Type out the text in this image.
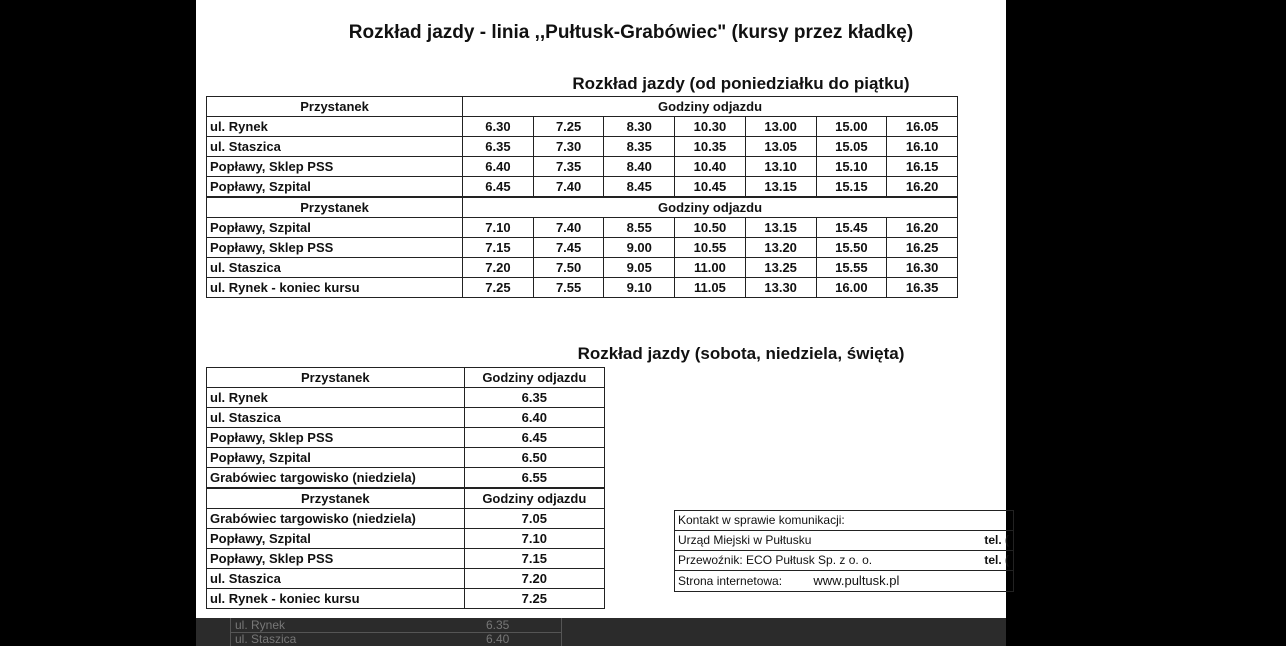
Rozkład jazdy - linia ,,Pułtusk-Grabówiec" (kursy przez kładkę)
Rozkład jazdy (od poniedziałku do piątku)
Przystanek	Godziny odjazdu						
ul. Rynek	6.30	7.25	8.30	10.30	13.00	15.00	16.05
ul. Staszica	6.35	7.30	8.35	10.35	13.05	15.05	16.10
Popławy, Sklep PSS	6.40	7.35	8.40	10.40	13.10	15.10	16.15
Popławy, Szpital	6.45	7.40	8.45	10.45	13.15	15.15	16.20
Przystanek	Godziny odjazdu						
Popławy, Szpital	7.10	7.40	8.55	10.50	13.15	15.45	16.20
Popławy, Sklep PSS	7.15	7.45	9.00	10.55	13.20	15.50	16.25
ul. Staszica	7.20	7.50	9.05	11.00	13.25	15.55	16.30
ul. Rynek - koniec kursu	7.25	7.55	9.10	11.05	13.30	16.00	16.35
Rozkład jazdy (sobota, niedziela, święta)
Przystanek	Godziny odjazdu
ul. Rynek	6.35
ul. Staszica	6.40
Popławy, Sklep PSS	6.45
Popławy, Szpital	6.50
Grabówiec targowisko (niedziela)	6.55
Przystanek	Godziny odjazdu
Grabówiec targowisko (niedziela)	7.05
Popławy, Szpital	7.10
Popławy, Sklep PSS	7.15
ul. Staszica	7.20
ul. Rynek - koniec kursu	7.25
Kontakt w sprawie komunikacji:	
Urząd Miejski w Pułtusku	tel. (
Przewoźnik: ECO Pułtusk Sp. z o. o.	tel. (
Strona internetowa: www.pultusk.pl	
ul. Rynek	6.35
ul. Staszica	6.40
